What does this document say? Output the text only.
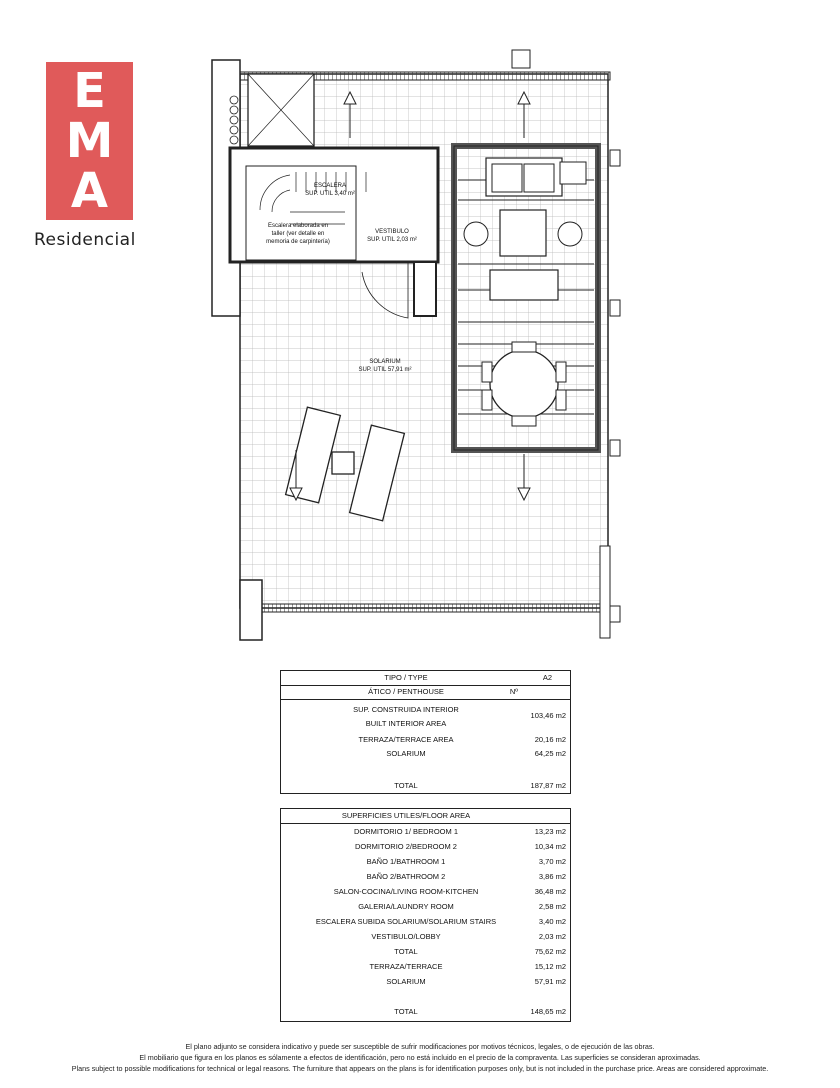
E
M
A
Residencial
ESCALERA
SUP. UTIL 3,40 m²
Escalera elaborada en
taller (ver detalle en
memoria de carpintería)
VESTIBULO
SUP. UTIL 2,03 m²
SOLARIUM
SUP. UTIL 57,91 m²
TIPO / TYPE	A2
ÁTICO / PENTHOUSE	Nº
SUP. CONSTRUIDA INTERIOR
BUILT INTERIOR AREA
103,46 m2
TERRAZA/TERRACE AREA	20,16 m2
SOLARIUM	64,25 m2
TOTAL	187,87 m2
SUPERFICIES UTILES/FLOOR AREA
DORMITORIO 1/ BEDROOM 1	13,23 m2
DORMITORIO 2/BEDROOM 2	10,34 m2
BAÑO 1/BATHROOM 1	3,70 m2
BAÑO 2/BATHROOM 2	3,86 m2
SALON-COCINA/LIVING ROOM-KITCHEN	36,48 m2
GALERIA/LAUNDRY ROOM	2,58 m2
ESCALERA SUBIDA SOLARIUM/SOLARIUM STAIRS	3,40 m2
VESTIBULO/LOBBY	2,03 m2
TOTAL	75,62 m2
TERRAZA/TERRACE	15,12 m2
SOLARIUM	57,91 m2
TOTAL	148,65 m2
El plano adjunto se considera indicativo y puede ser susceptible de sufrir modificaciones por motivos técnicos, legales, o de ejecución de las obras.
El mobiliario que figura en los planos es sólamente a efectos de identificación, pero no está incluido en el precio de la compraventa. Las superficies se consideran aproximadas.
Plans subject to possible modifications for technical or legal reasons. The furniture that appears on the plans is for identification purposes only, but is not included in the purchase price. Areas are considered approximate.
